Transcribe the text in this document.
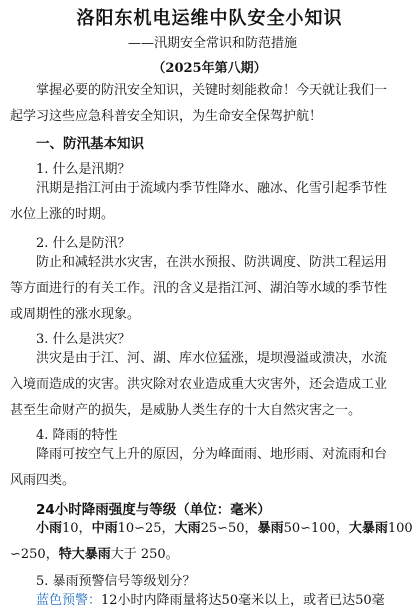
洛阳东机电运维中队安全小知识
——汛期安全常识和防范措施
（2025年第八期）
掌握必要的防汛安全知识，关键时刻能救命！今天就让我们一
起学习这些应急科普安全知识，为生命安全保驾护航！
一、防汛基本知识
1. 什么是汛期？
汛期是指江河由于流域内季节性降水、融冰、化雪引起季节性
水位上涨的时期。
2. 什么是防汛？
防止和减轻洪水灾害，在洪水预报、防洪调度、防洪工程运用
等方面进行的有关工作。汛的含义是指江河、湖泊等水域的季节性
或周期性的涨水现象。
3. 什么是洪灾？
洪灾是由于江、河、湖、库水位猛涨，堤坝漫溢或溃决，水流
入境而造成的灾害。洪灾除对农业造成重大灾害外，还会造成工业
甚至生命财产的损失，是威胁人类生存的十大自然灾害之一。
4. 降雨的特性
降雨可按空气上升的原因，分为峰面雨、地形雨、对流雨和台
风雨四类。
24小时降雨强度与等级（单位：毫米）
小雨10，中雨10∽25，大雨25∽50，暴雨50∽100，大暴雨100
∽250，特大暴雨大于 250。
5. 暴雨预警信号等级划分？
蓝色预警：12小时内降雨量将达50毫米以上，或者已达50毫
